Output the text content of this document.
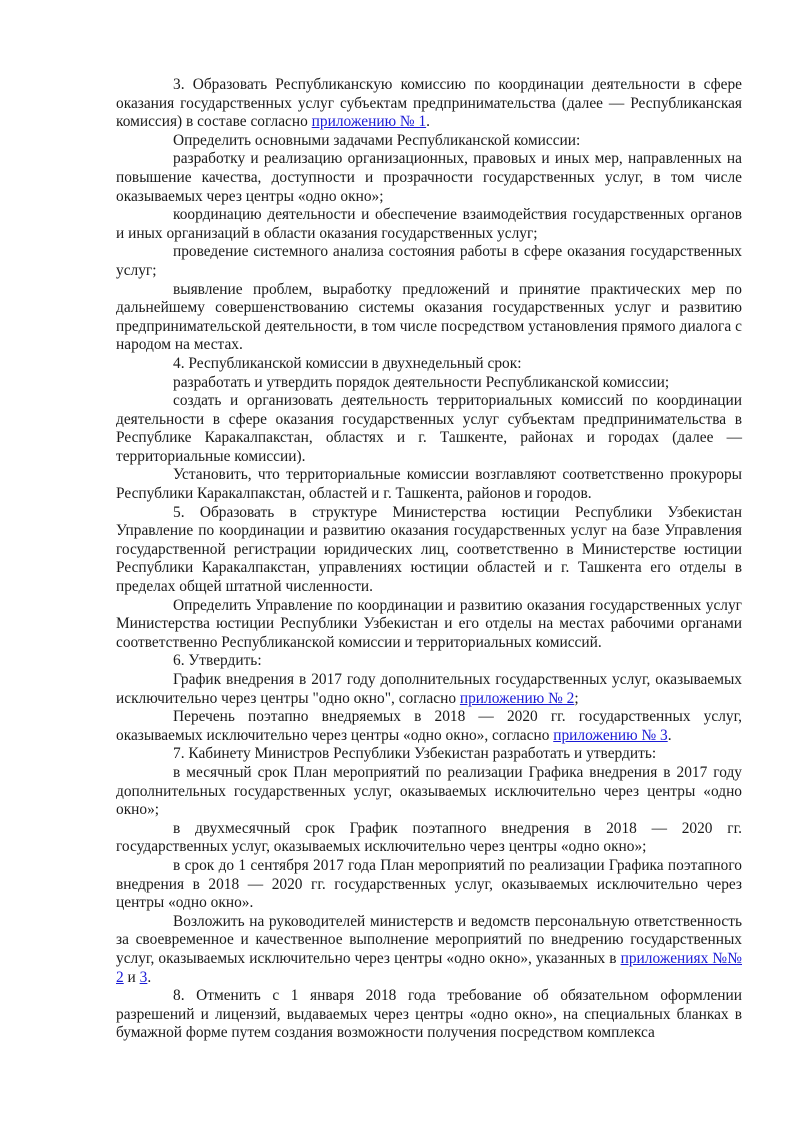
3. Образовать Республиканскую комиссию по координации деятельности в сфере оказания государственных услуг субъектам предпринимательства (далее — Республиканская комиссия) в составе согласно приложению № 1.

Определить основными задачами Республиканской комиссии:

разработку и реализацию организационных, правовых и иных мер, направленных на повышение качества, доступности и прозрачности государственных услуг, в том числе оказываемых через центры «одно окно»;

координацию деятельности и обеспечение взаимодействия государственных органов и иных организаций в области оказания государственных услуг;

проведение системного анализа состояния работы в сфере оказания государственных услуг;

выявление проблем, выработку предложений и принятие практических мер по дальнейшему совершенствованию системы оказания государственных услуг и развитию предпринимательской деятельности, в том числе посредством установления прямого диалога с народом на местах.

4. Республиканской комиссии в двухнедельный срок:

разработать и утвердить порядок деятельности Республиканской комиссии;

создать и организовать деятельность территориальных комиссий по координации деятельности в сфере оказания государственных услуг субъектам предпринимательства в Республике Каракалпакстан, областях и г. Ташкенте, районах и городах (далее — территориальные комиссии).

Установить, что территориальные комиссии возглавляют соответственно прокуроры Республики Каракалпакстан, областей и г. Ташкента, районов и городов.

5. Образовать в структуре Министерства юстиции Республики Узбекистан Управление по координации и развитию оказания государственных услуг на базе Управления государственной регистрации юридических лиц, соответственно в Министерстве юстиции Республики Каракалпакстан, управлениях юстиции областей и г. Ташкента его отделы в пределах общей штатной численности.

Определить Управление по координации и развитию оказания государственных услуг Министерства юстиции Республики Узбекистан и его отделы на местах рабочими органами соответственно Республиканской комиссии и территориальных комиссий.

6. Утвердить:

График внедрения в 2017 году дополнительных государственных услуг, оказываемых исключительно через центры "одно окно", согласно приложению № 2;

Перечень поэтапно внедряемых в 2018 — 2020 гг. государственных услуг, оказываемых исключительно через центры «одно окно», согласно приложению № 3.

7. Кабинету Министров Республики Узбекистан разработать и утвердить:

в месячный срок План мероприятий по реализации Графика внедрения в 2017 году дополнительных государственных услуг, оказываемых исключительно через центры «одно окно»;

в двухмесячный срок График поэтапного внедрения в 2018 — 2020 гг. государственных услуг, оказываемых исключительно через центры «одно окно»;

в срок до 1 сентября 2017 года План мероприятий по реализации Графика поэтапного внедрения в 2018 — 2020 гг. государственных услуг, оказываемых исключительно через центры «одно окно».

Возложить на руководителей министерств и ведомств персональную ответственность за своевременное и качественное выполнение мероприятий по внедрению государственных услуг, оказываемых исключительно через центры «одно окно», указанных в приложениях №№ 2 и 3.

8. Отменить с 1 января 2018 года требование об обязательном оформлении разрешений и лицензий, выдаваемых через центры «одно окно», на специальных бланках в бумажной форме путем создания возможности получения посредством комплекса
